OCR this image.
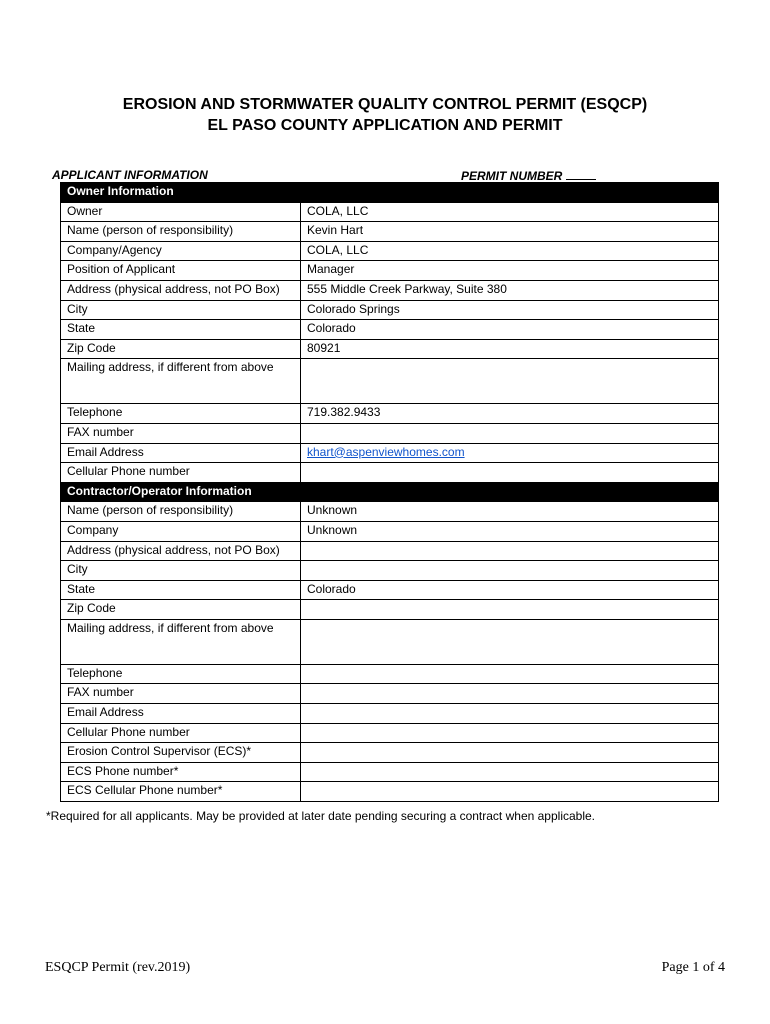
EROSION AND STORMWATER QUALITY CONTROL PERMIT (ESQCP)
EL PASO COUNTY APPLICATION AND PERMIT
APPLICANT INFORMATION	PERMIT NUMBER
Owner Information	
Owner	COLA, LLC
Name (person of responsibility)	Kevin Hart
Company/Agency	COLA, LLC
Position of Applicant	Manager
Address (physical address, not PO Box)	555 Middle Creek Parkway, Suite 380
City	Colorado Springs
State	Colorado
Zip Code	80921
Mailing address, if different from above	
Telephone	719.382.9433
FAX number	
Email Address	khart@aspenviewhomes.com
Cellular Phone number	
Contractor/Operator Information	
Name (person of responsibility)	Unknown
Company	Unknown
Address (physical address, not PO Box)	
City	
State	Colorado
Zip Code	
Mailing address, if different from above	
Telephone	
FAX number	
Email Address	
Cellular Phone number	
Erosion Control Supervisor (ECS)*	
ECS Phone number*	
ECS Cellular Phone number*	
*Required for all applicants. May be provided at later date pending securing a contract when applicable.
ESQCP Permit (rev.2019)	Page 1 of 4
